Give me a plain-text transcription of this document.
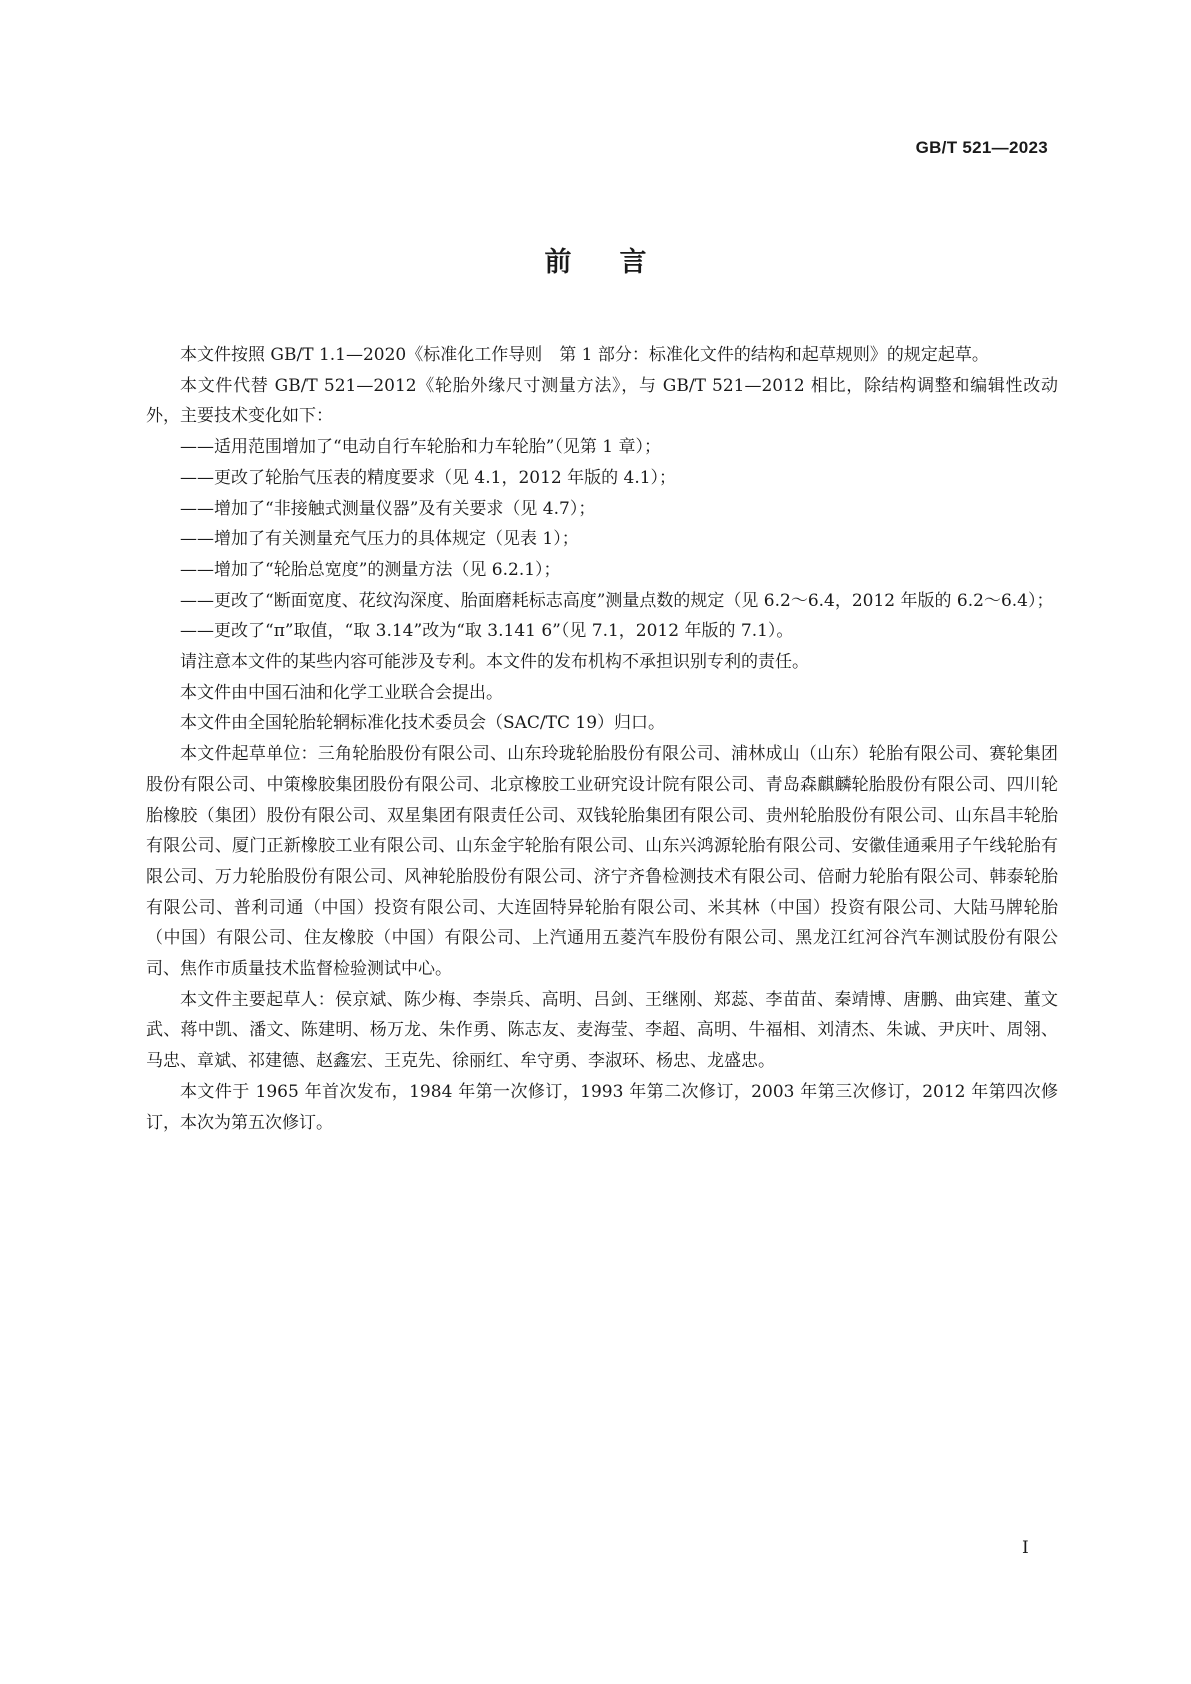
GB/T 521—2023
前言

本文件按照 GB/T 1.1—2020《标准化工作导则　第 1 部分：标准化文件的结构和起草规则》的规定起草。

本文件代替 GB/T 521—2012《轮胎外缘尺寸测量方法》，与 GB/T 521—2012 相比，除结构调整和编辑性改动外，主要技术变化如下：

——适用范围增加了“电动自行车轮胎和力车轮胎”（见第 1 章）；

——更改了轮胎气压表的精度要求（见 4.1，2012 年版的 4.1）；

——增加了“非接触式测量仪器”及有关要求（见 4.7）；

——增加了有关测量充气压力的具体规定（见表 1）；

——增加了“轮胎总宽度”的测量方法（见 6.2.1）；

——更改了“断面宽度、花纹沟深度、胎面磨耗标志高度”测量点数的规定（见 6.2～6.4，2012 年版的 6.2～6.4）；

——更改了“π”取值，“取 3.14”改为“取 3.141 6”（见 7.1，2012 年版的 7.1）。

请注意本文件的某些内容可能涉及专利。本文件的发布机构不承担识别专利的责任。

本文件由中国石油和化学工业联合会提出。

本文件由全国轮胎轮辋标准化技术委员会（SAC/TC 19）归口。

本文件起草单位：三角轮胎股份有限公司、山东玲珑轮胎股份有限公司、浦林成山（山东）轮胎有限公司、赛轮集团股份有限公司、中策橡胶集团股份有限公司、北京橡胶工业研究设计院有限公司、青岛森麒麟轮胎股份有限公司、四川轮胎橡胶（集团）股份有限公司、双星集团有限责任公司、双钱轮胎集团有限公司、贵州轮胎股份有限公司、山东昌丰轮胎有限公司、厦门正新橡胶工业有限公司、山东金宇轮胎有限公司、山东兴鸿源轮胎有限公司、安徽佳通乘用子午线轮胎有限公司、万力轮胎股份有限公司、风神轮胎股份有限公司、济宁齐鲁检测技术有限公司、倍耐力轮胎有限公司、韩泰轮胎有限公司、普利司通（中国）投资有限公司、大连固特异轮胎有限公司、米其林（中国）投资有限公司、大陆马牌轮胎（中国）有限公司、住友橡胶（中国）有限公司、上汽通用五菱汽车股份有限公司、黑龙江红河谷汽车测试股份有限公司、焦作市质量技术监督检验测试中心。

本文件主要起草人：侯京斌、陈少梅、李崇兵、高明、吕剑、王继刚、郑蕊、李苗苗、秦靖博、唐鹏、曲宾建、董文武、蒋中凯、潘文、陈建明、杨万龙、朱作勇、陈志友、麦海莹、李超、高明、牛福相、刘清杰、朱诚、尹庆叶、周翎、马忠、章斌、祁建德、赵鑫宏、王克先、徐丽红、牟守勇、李淑环、杨忠、龙盛忠。

本文件于 1965 年首次发布，1984 年第一次修订，1993 年第二次修订，2003 年第三次修订，2012 年第四次修订，本次为第五次修订。

I
